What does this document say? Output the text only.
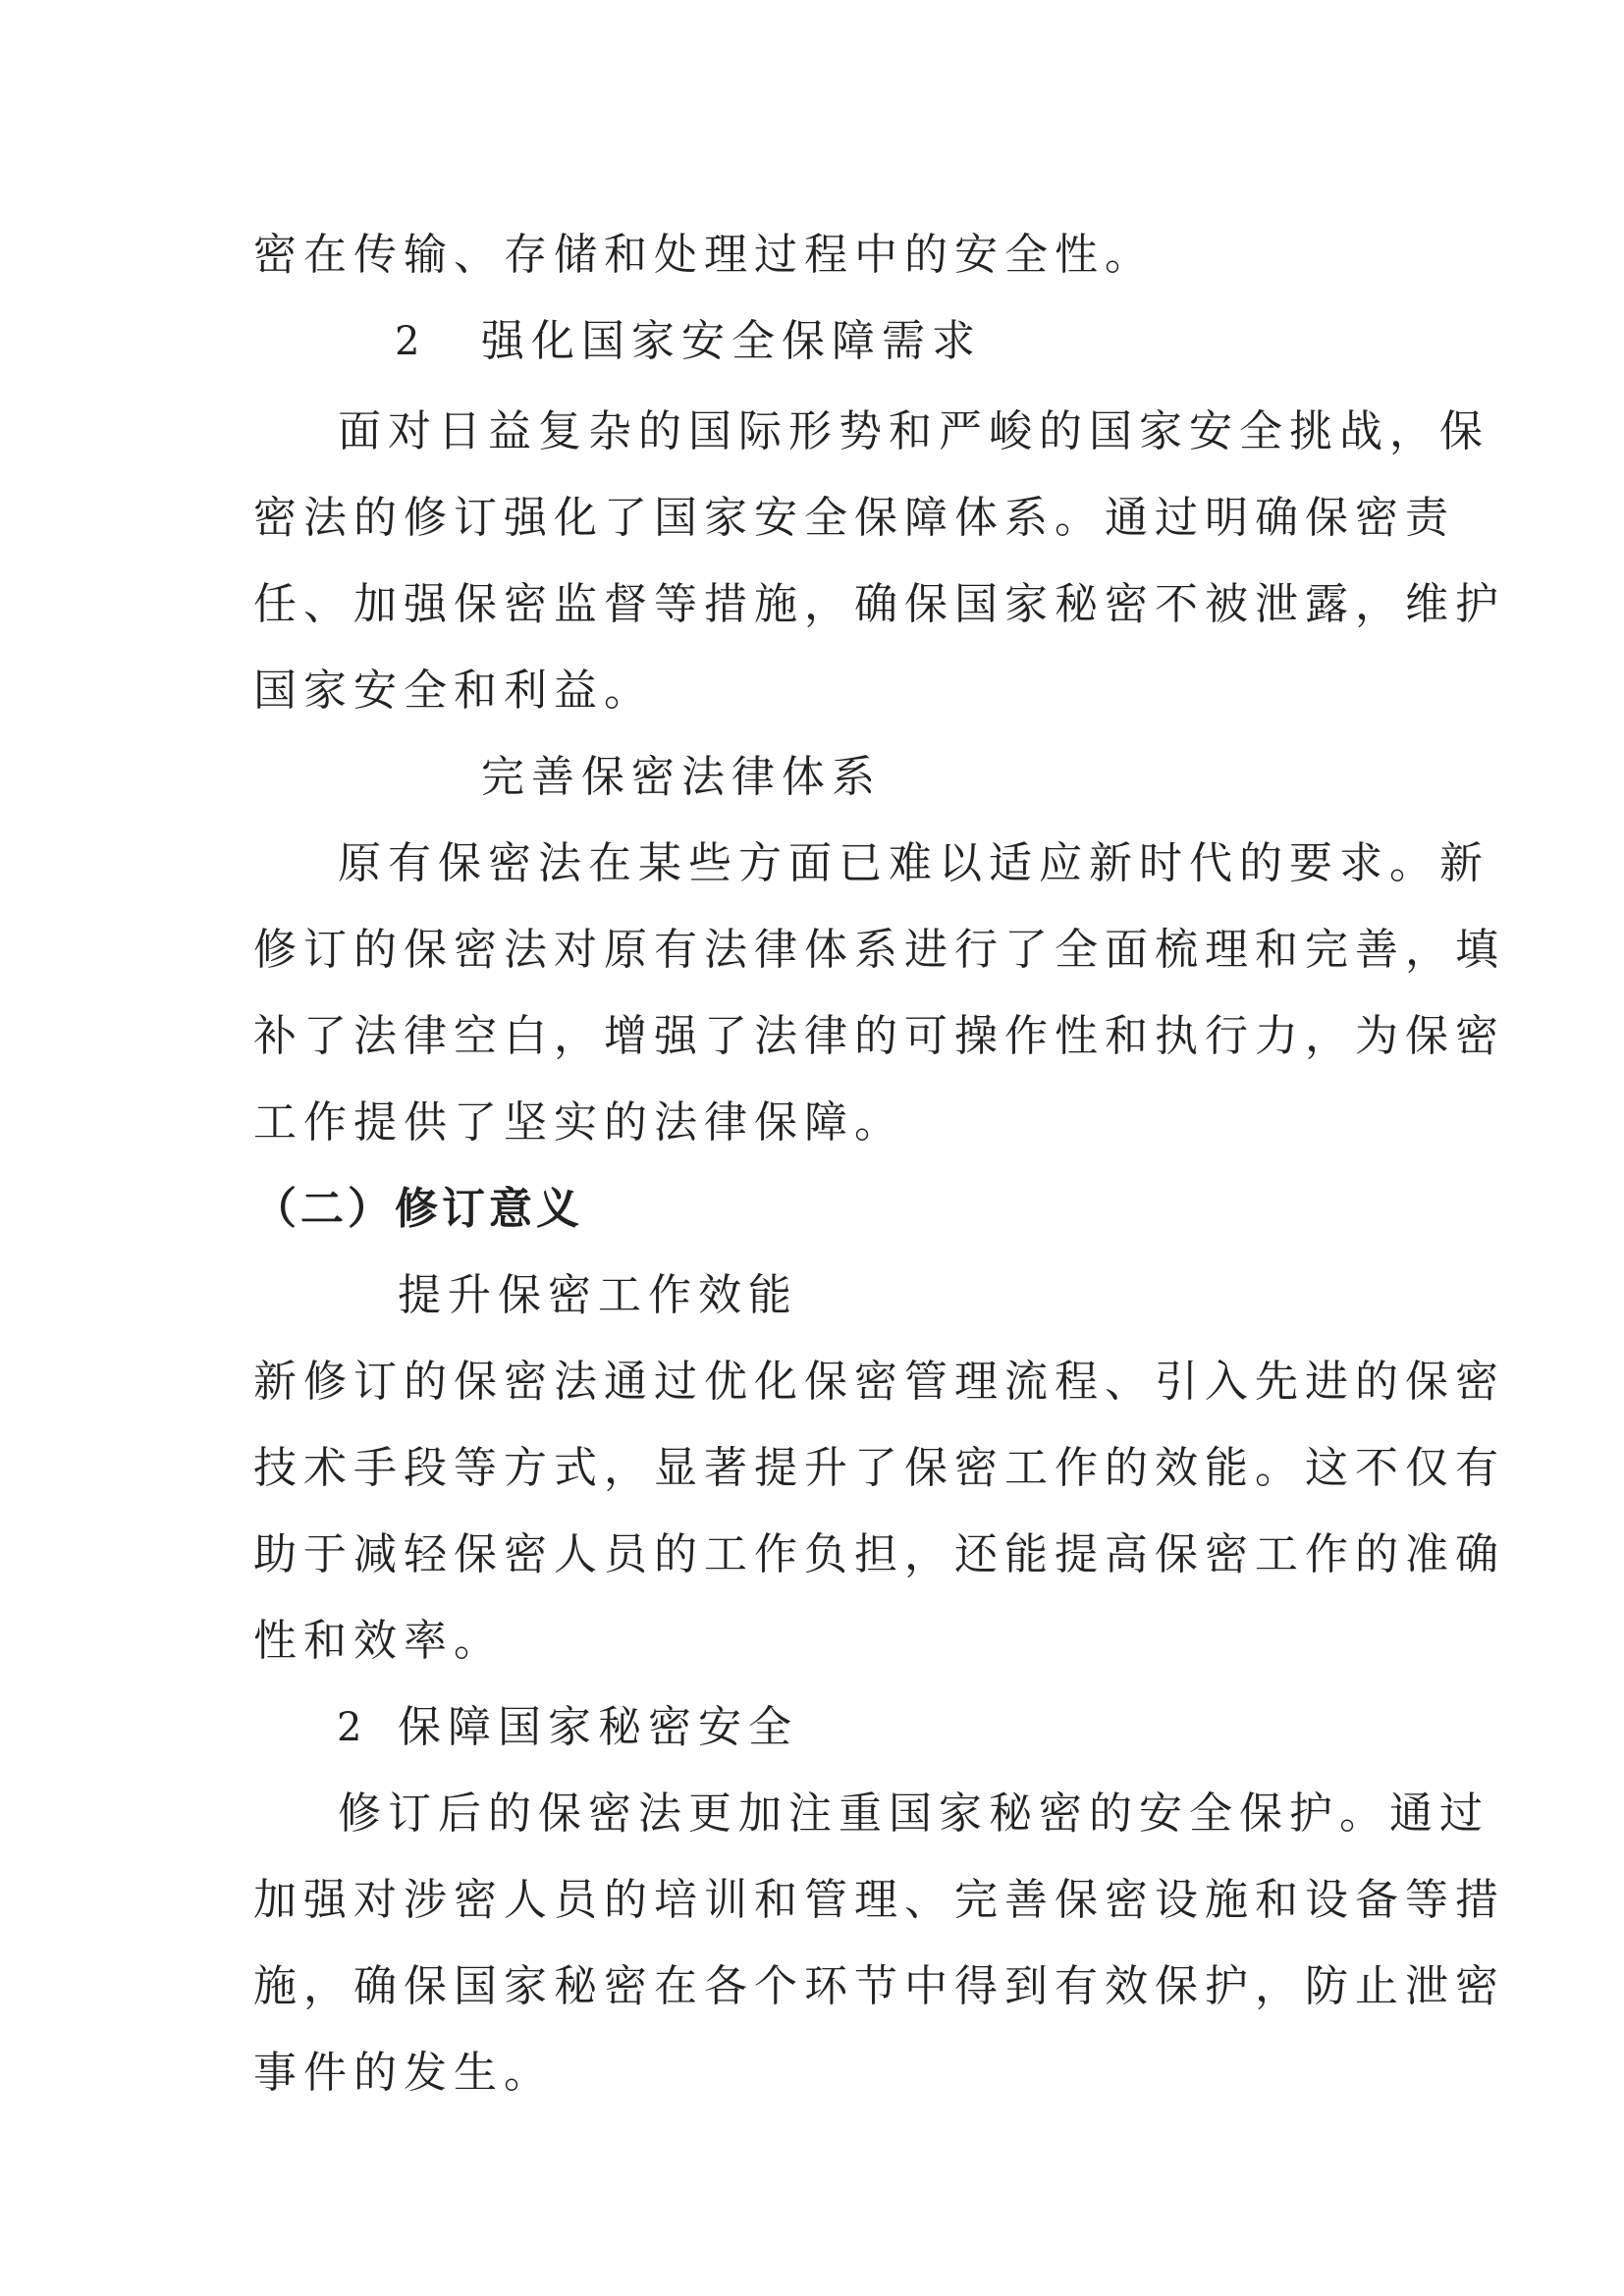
密在传输、存储和处理过程中的安全性。

2 强化国家安全保障需求

面对日益复杂的国际形势和严峻的国家安全挑战，保

密法的修订强化了国家安全保障体系。通过明确保密责

任、加强保密监督等措施，确保国家秘密不被泄露，维护

国家安全和利益。

完善保密法律体系

原有保密法在某些方面已难以适应新时代的要求。新

修订的保密法对原有法律体系进行了全面梳理和完善，填

补了法律空白，增强了法律的可操作性和执行力，为保密

工作提供了坚实的法律保障。

（二）修订意义

提升保密工作效能

新修订的保密法通过优化保密管理流程、引入先进的保密

技术手段等方式，显著提升了保密工作的效能。这不仅有

助于减轻保密人员的工作负担，还能提高保密工作的准确

性和效率。

2 保障国家秘密安全

修订后的保密法更加注重国家秘密的安全保护。通过

加强对涉密人员的培训和管理、完善保密设施和设备等措

施，确保国家秘密在各个环节中得到有效保护，防止泄密

事件的发生。
